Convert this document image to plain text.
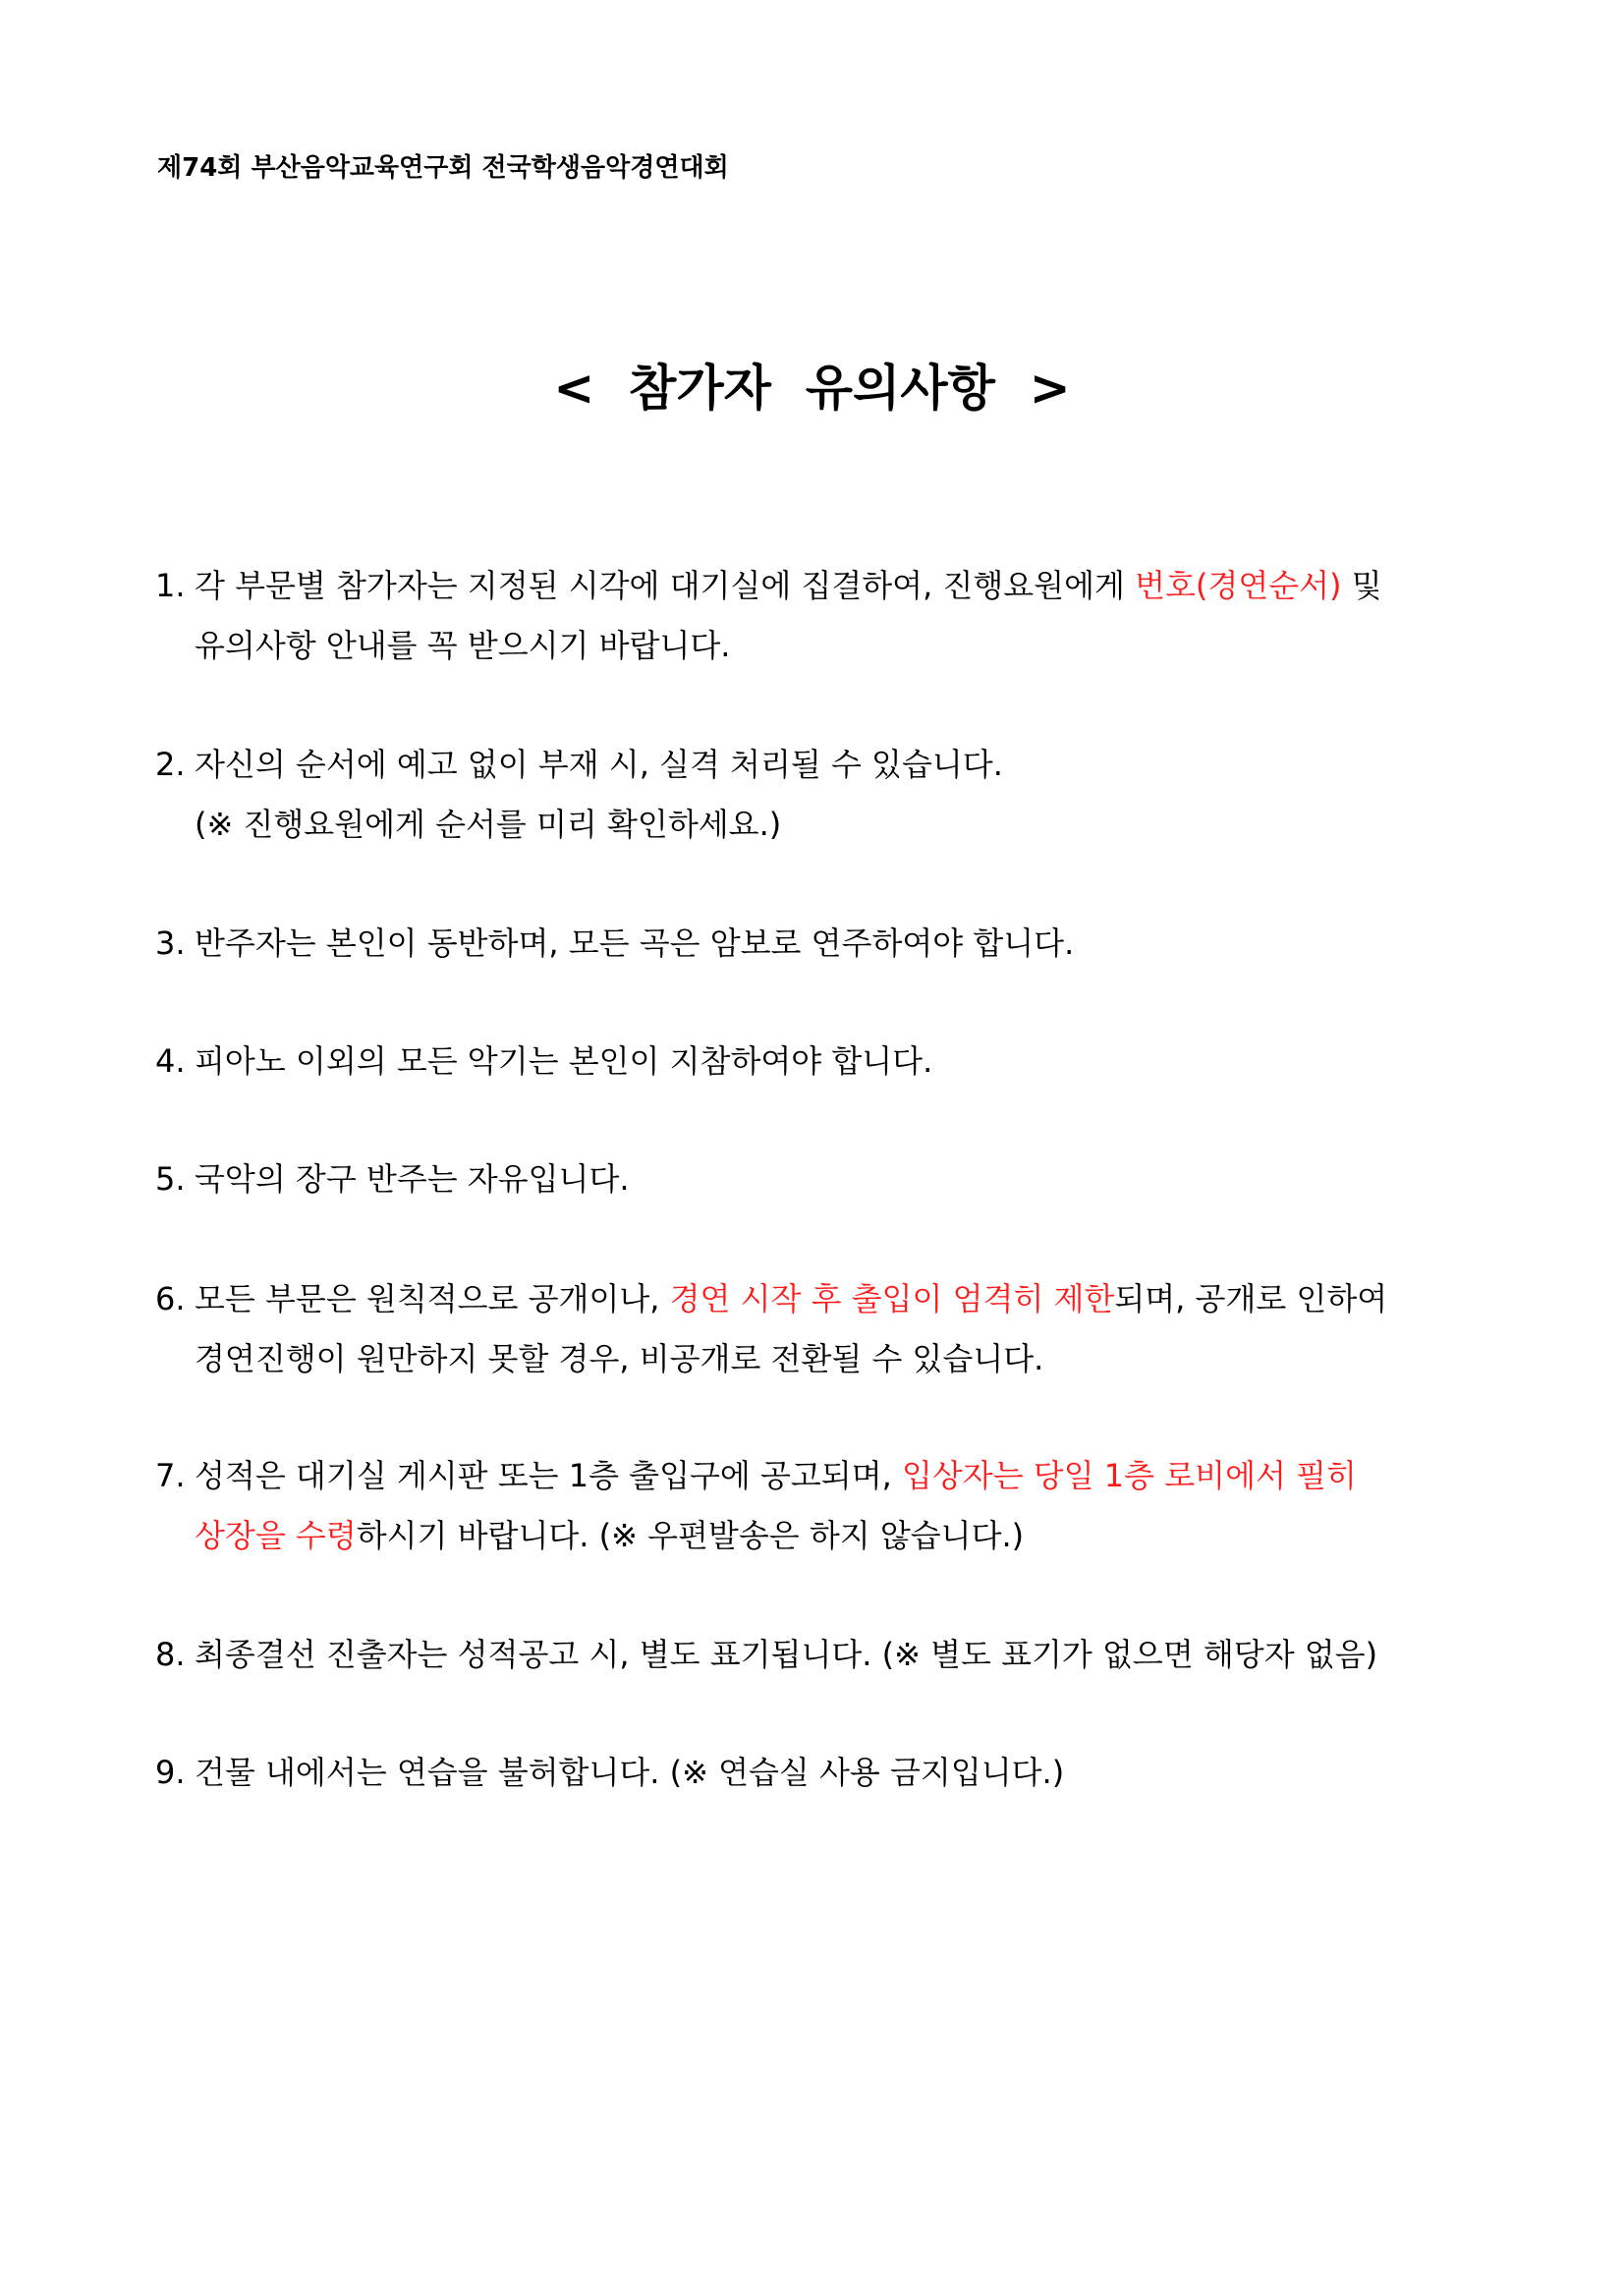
제74회 부산음악교육연구회 전국학생음악경연대회
<  참가자  유의사항  >
1. 각 부문별 참가자는 지정된 시각에 대기실에 집결하여, 진행요원에게 번호(경연순서) 및
유의사항 안내를 꼭 받으시기 바랍니다.
2. 자신의 순서에 예고 없이 부재 시, 실격 처리될 수 있습니다.
(※ 진행요원에게 순서를 미리 확인하세요.)
3. 반주자는 본인이 동반하며, 모든 곡은 암보로 연주하여야 합니다.
4. 피아노 이외의 모든 악기는 본인이 지참하여야 합니다.
5. 국악의 장구 반주는 자유입니다.
6. 모든 부문은 원칙적으로 공개이나, 경연 시작 후 출입이 엄격히 제한되며, 공개로 인하여
경연진행이 원만하지 못할 경우, 비공개로 전환될 수 있습니다.
7. 성적은 대기실 게시판 또는 1층 출입구에 공고되며, 입상자는 당일 1층 로비에서 필히
상장을 수령하시기 바랍니다. (※ 우편발송은 하지 않습니다.)
8. 최종결선 진출자는 성적공고 시, 별도 표기됩니다. (※ 별도 표기가 없으면 해당자 없음)
9. 건물 내에서는 연습을 불허합니다. (※ 연습실 사용 금지입니다.)
